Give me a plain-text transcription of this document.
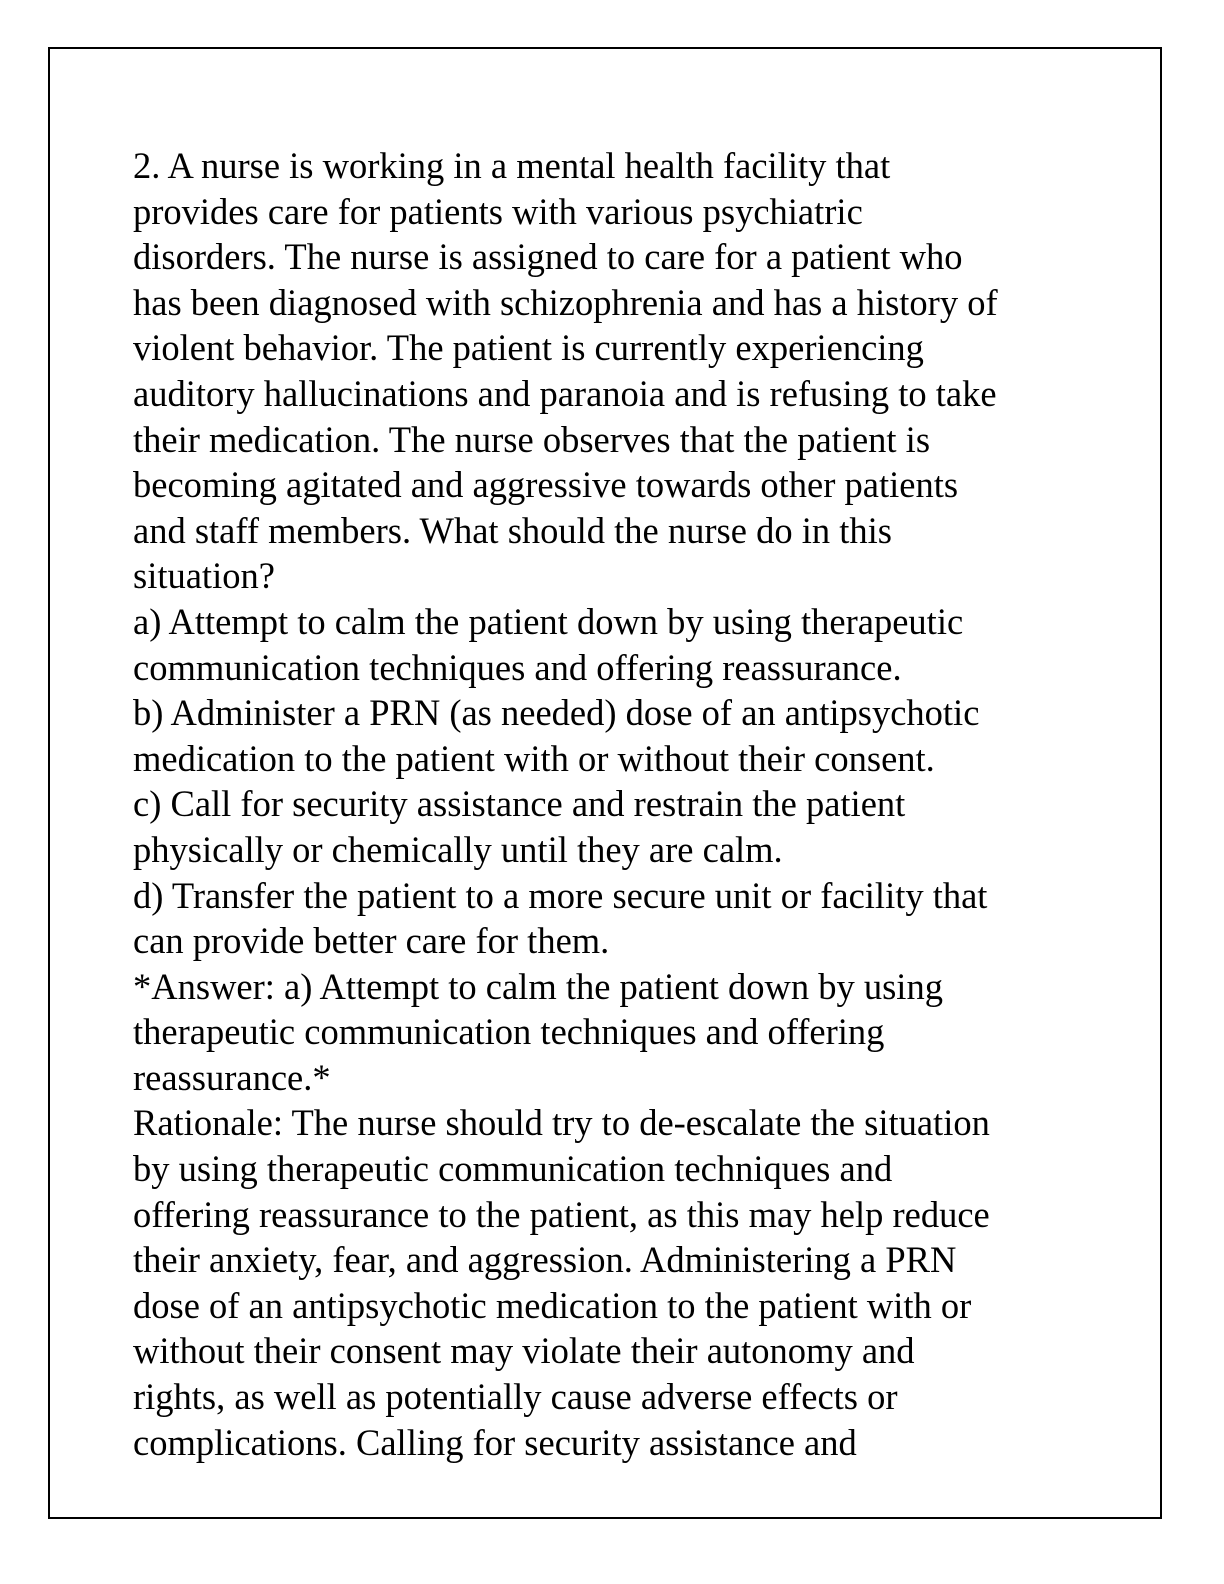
2. A nurse is working in a mental health facility that
provides care for patients with various psychiatric
disorders. The nurse is assigned to care for a patient who
has been diagnosed with schizophrenia and has a history of
violent behavior. The patient is currently experiencing
auditory hallucinations and paranoia and is refusing to take
their medication. The nurse observes that the patient is
becoming agitated and aggressive towards other patients
and staff members. What should the nurse do in this
situation?
a) Attempt to calm the patient down by using therapeutic
communication techniques and offering reassurance.
b) Administer a PRN (as needed) dose of an antipsychotic
medication to the patient with or without their consent.
c) Call for security assistance and restrain the patient
physically or chemically until they are calm.
d) Transfer the patient to a more secure unit or facility that
can provide better care for them.
*Answer: a) Attempt to calm the patient down by using
therapeutic communication techniques and offering
reassurance.*
Rationale: The nurse should try to de-escalate the situation
by using therapeutic communication techniques and
offering reassurance to the patient, as this may help reduce
their anxiety, fear, and aggression. Administering a PRN
dose of an antipsychotic medication to the patient with or
without their consent may violate their autonomy and
rights, as well as potentially cause adverse effects or
complications. Calling for security assistance and
